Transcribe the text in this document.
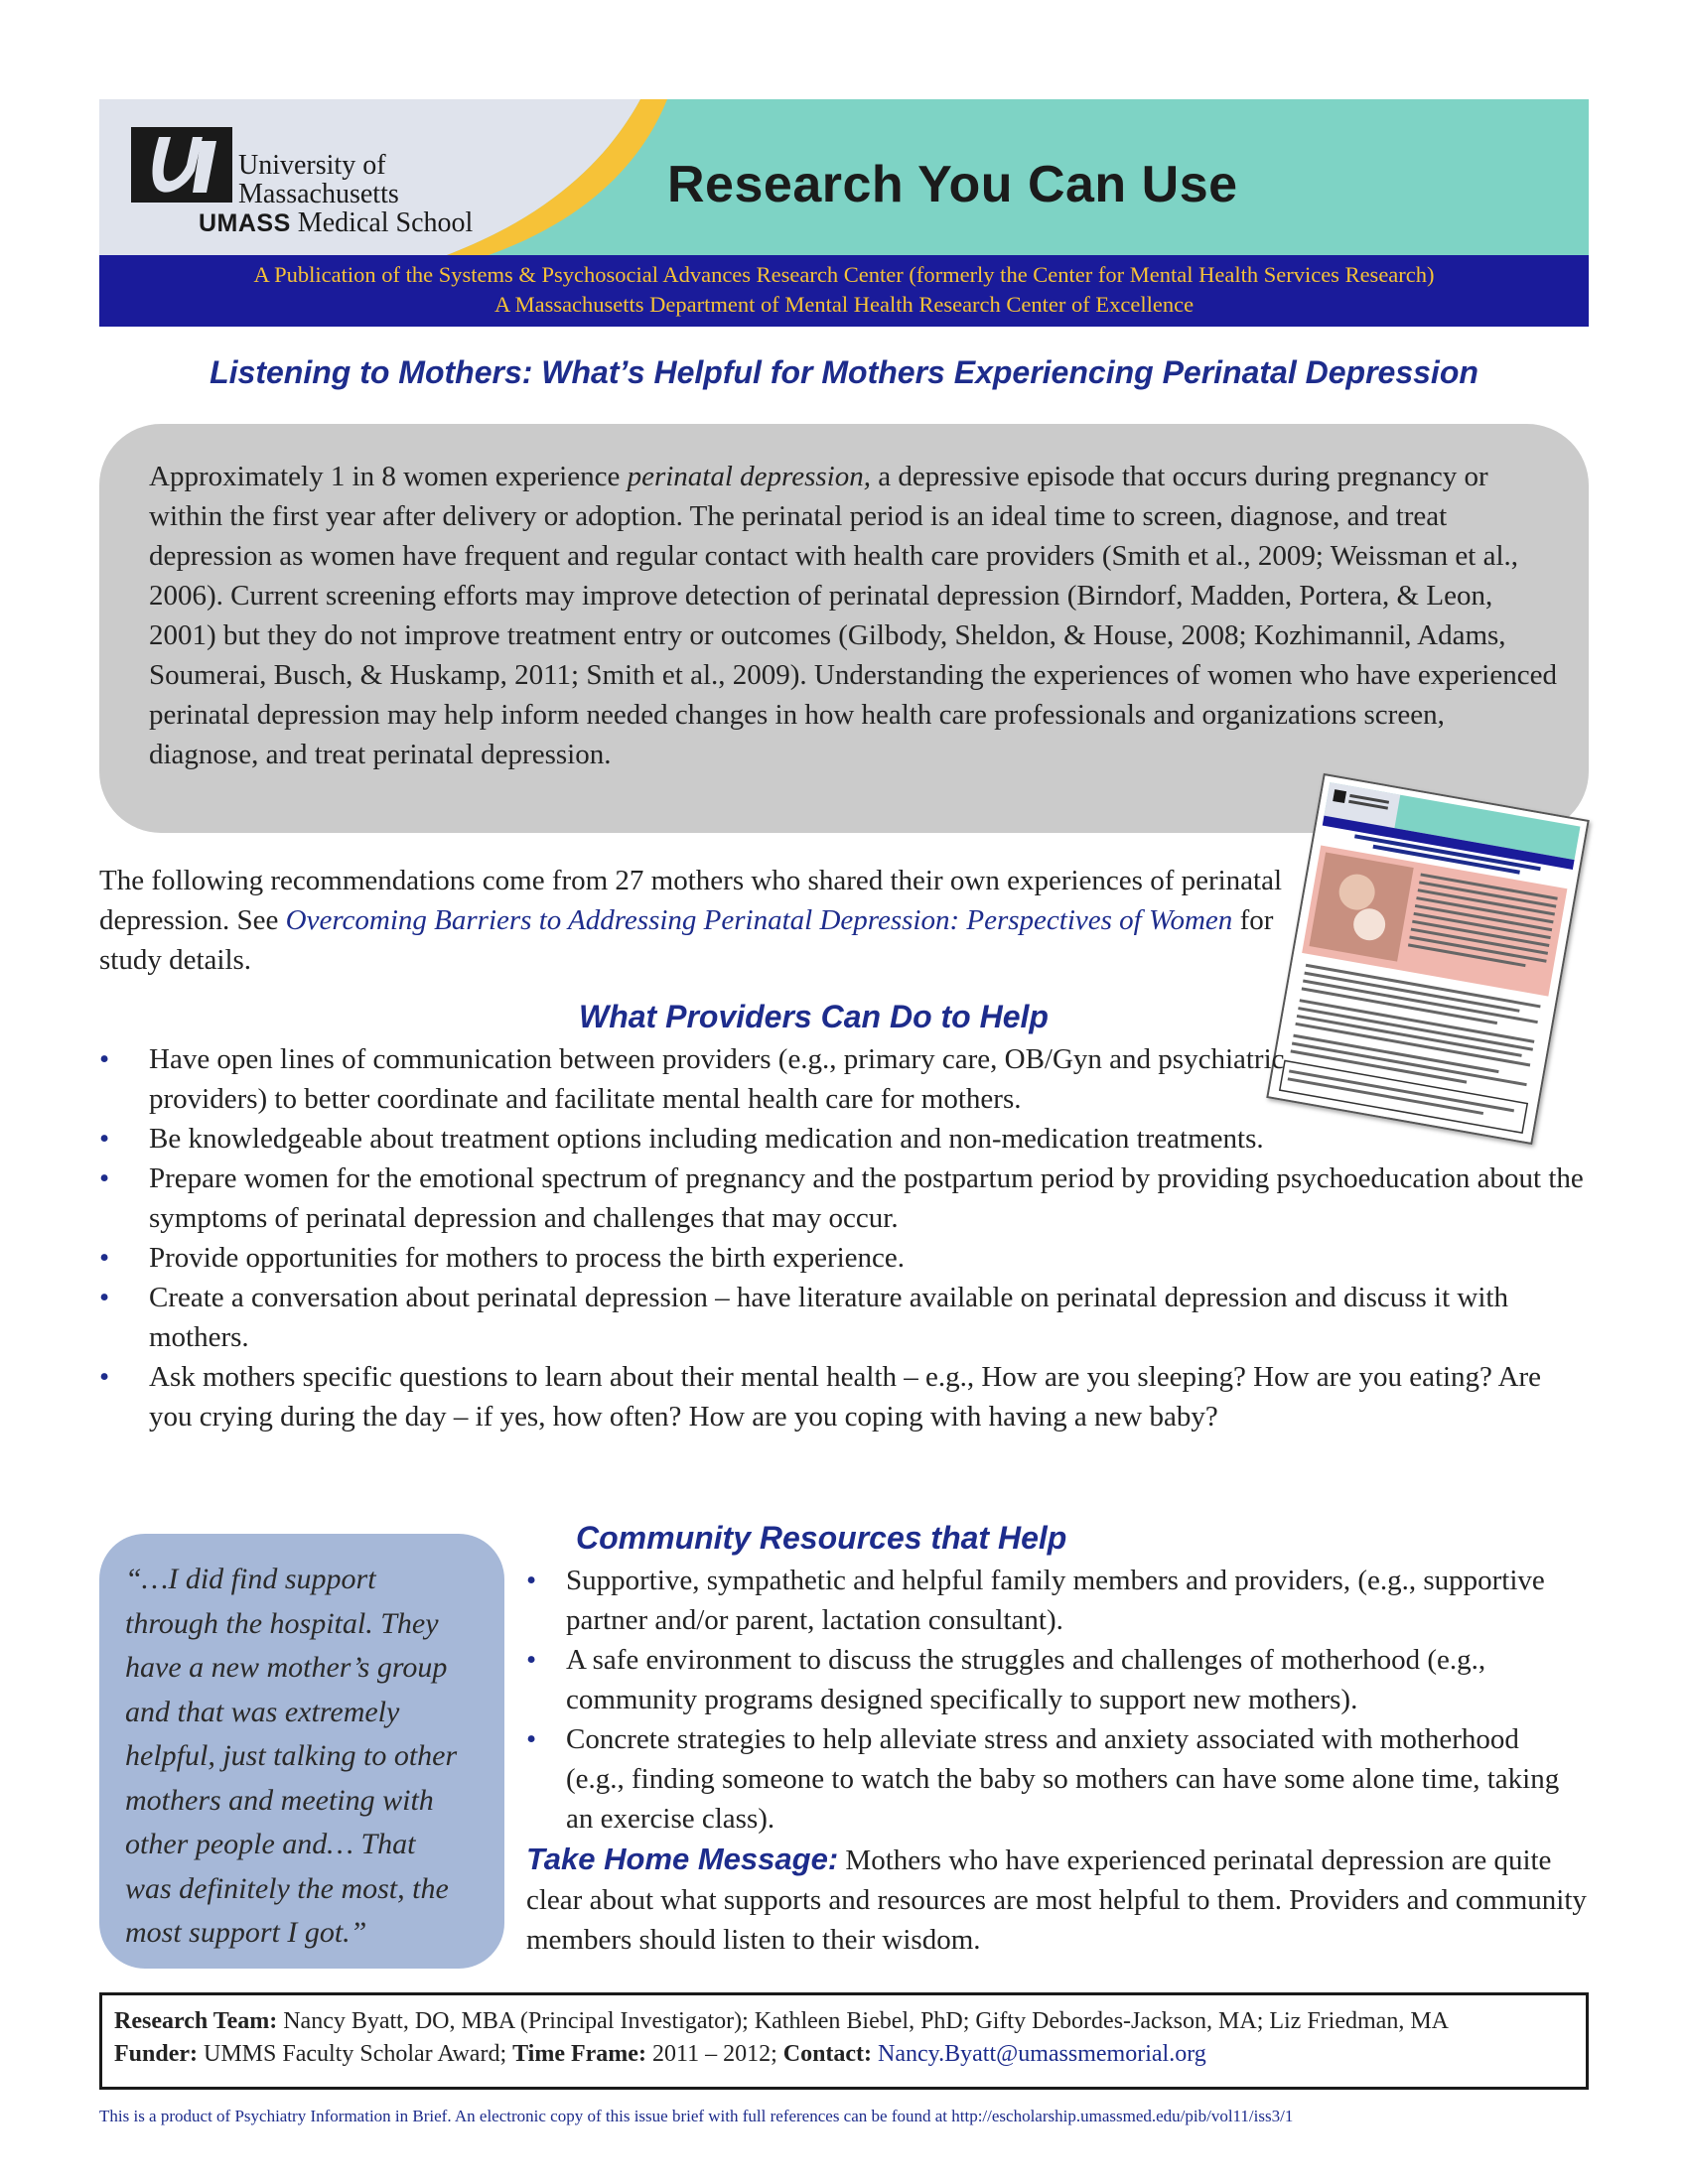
University of
Massachusetts
UMASS Medical School
Research You Can Use
A Publication of the Systems & Psychosocial Advances Research Center (formerly the Center for Mental Health Services Research)
A Massachusetts Department of Mental Health Research Center of Excellence
Listening to Mothers: What’s Helpful for Mothers Experiencing Perinatal Depression

Approximately 1 in 8 women experience perinatal depression, a depressive episode that occurs during pregnancy or within the first year after delivery or adoption. The perinatal period is an ideal time to screen, diagnose, and treat depression as women have frequent and regular contact with health care providers (Smith et al., 2009; Weissman et al., 2006). Current screening efforts may improve detection of perinatal depression (Birndorf, Madden, Portera, & Leon, 2001) but they do not improve treatment entry or outcomes (Gilbody, Sheldon, & House, 2008; Kozhimannil, Adams, Soumerai, Busch, & Huskamp, 2011; Smith et al., 2009). Understanding the experiences of women who have experienced perinatal depression may help inform needed changes in how health care professionals and organizations screen, diagnose, and treat perinatal depression.

The following recommendations come from 27 mothers who shared their own experiences of perinatal depression. See Overcoming Barriers to Addressing Perinatal Depression: Perspectives of Women for study details.

What Providers Can Do to Help
• Have open lines of communication between providers (e.g., primary care, OB/Gyn and psychiatric providers) to better coordinate and facilitate mental health care for mothers.
• Be knowledgeable about treatment options including medication and non-medication treatments.
• Prepare women for the emotional spectrum of pregnancy and the postpartum period by providing psychoeducation about the symptoms of perinatal depression and challenges that may occur.
• Provide opportunities for mothers to process the birth experience.
• Create a conversation about perinatal depression – have literature available on perinatal depression and discuss it with mothers.
• Ask mothers specific questions to learn about their mental health – e.g., How are you sleeping? How are you eating? Are you crying during the day – if yes, how often? How are you coping with having a new baby?

“…I did find support
through the hospital. They
have a new mother’s group
and that was extremely
helpful, just talking to other
mothers and meeting with
other people and… That
was definitely the most, the
most support I got.”

Community Resources that Help
• Supportive, sympathetic and helpful family members and providers, (e.g., supportive partner and/or parent, lactation consultant).
• A safe environment to discuss the struggles and challenges of motherhood (e.g., community programs designed specifically to support new mothers).
• Concrete strategies to help alleviate stress and anxiety associated with motherhood (e.g., finding someone to watch the baby so mothers can have some alone time, taking an exercise class).

Take Home Message: Mothers who have experienced perinatal depression are quite clear about what supports and resources are most helpful to them. Providers and community members should listen to their wisdom.

Research Team: Nancy Byatt, DO, MBA (Principal Investigator); Kathleen Biebel, PhD; Gifty Debordes-Jackson, MA; Liz Friedman, MA
Funder: UMMS Faculty Scholar Award; Time Frame: 2011 – 2012; Contact: Nancy.Byatt@umassmemorial.org
This is a product of Psychiatry Information in Brief. An electronic copy of this issue brief with full references can be found at http://escholarship.umassmed.edu/pib/vol11/iss3/1
